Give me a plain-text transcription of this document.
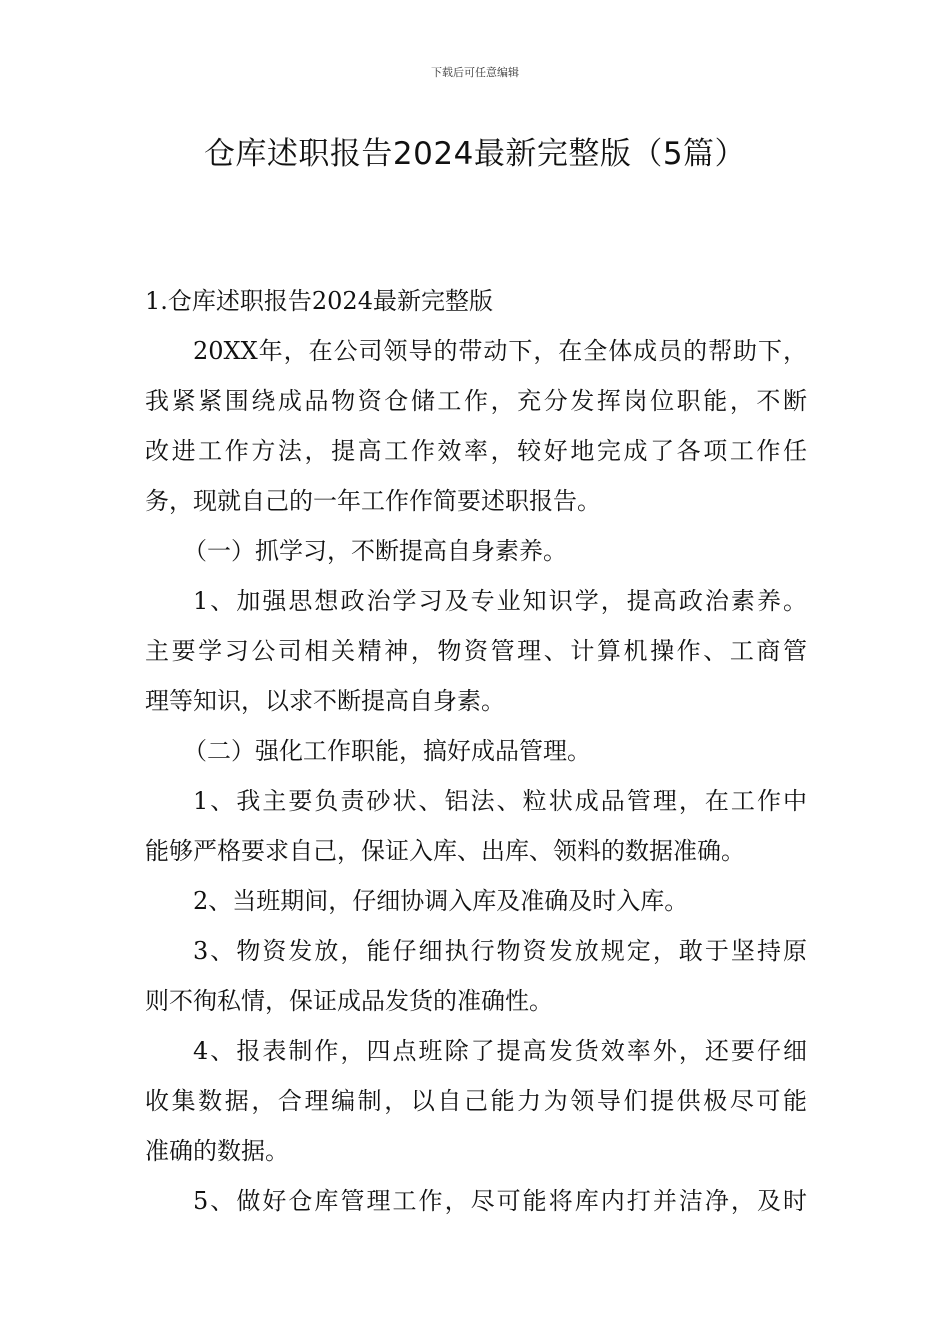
下载后可任意编辑
仓库述职报告2024最新完整版（5篇）
1.仓库述职报告2024最新完整版
20XX年，在公司领导的带动下，在全体成员的帮助下，
我紧紧围绕成品物资仓储工作，充分发挥岗位职能，不断
改进工作方法，提高工作效率，较好地完成了各项工作任
务，现就自己的一年工作作简要述职报告。
（一）抓学习，不断提高自身素养。
1、加强思想政治学习及专业知识学，提高政治素养。
主要学习公司相关精神，物资管理、计算机操作、工商管
理等知识，以求不断提高自身素。
（二）强化工作职能，搞好成品管理。
1、我主要负责砂状、铝法、粒状成品管理，在工作中
能够严格要求自己，保证入库、出库、领料的数据准确。
2、当班期间，仔细协调入库及准确及时入库。
3、物资发放，能仔细执行物资发放规定，敢于坚持原
则不徇私情，保证成品发货的准确性。
4、报表制作，四点班除了提高发货效率外，还要仔细
收集数据，合理编制，以自己能力为领导们提供极尽可能
准确的数据。
5、做好仓库管理工作，尽可能将库内打并洁净，及时
